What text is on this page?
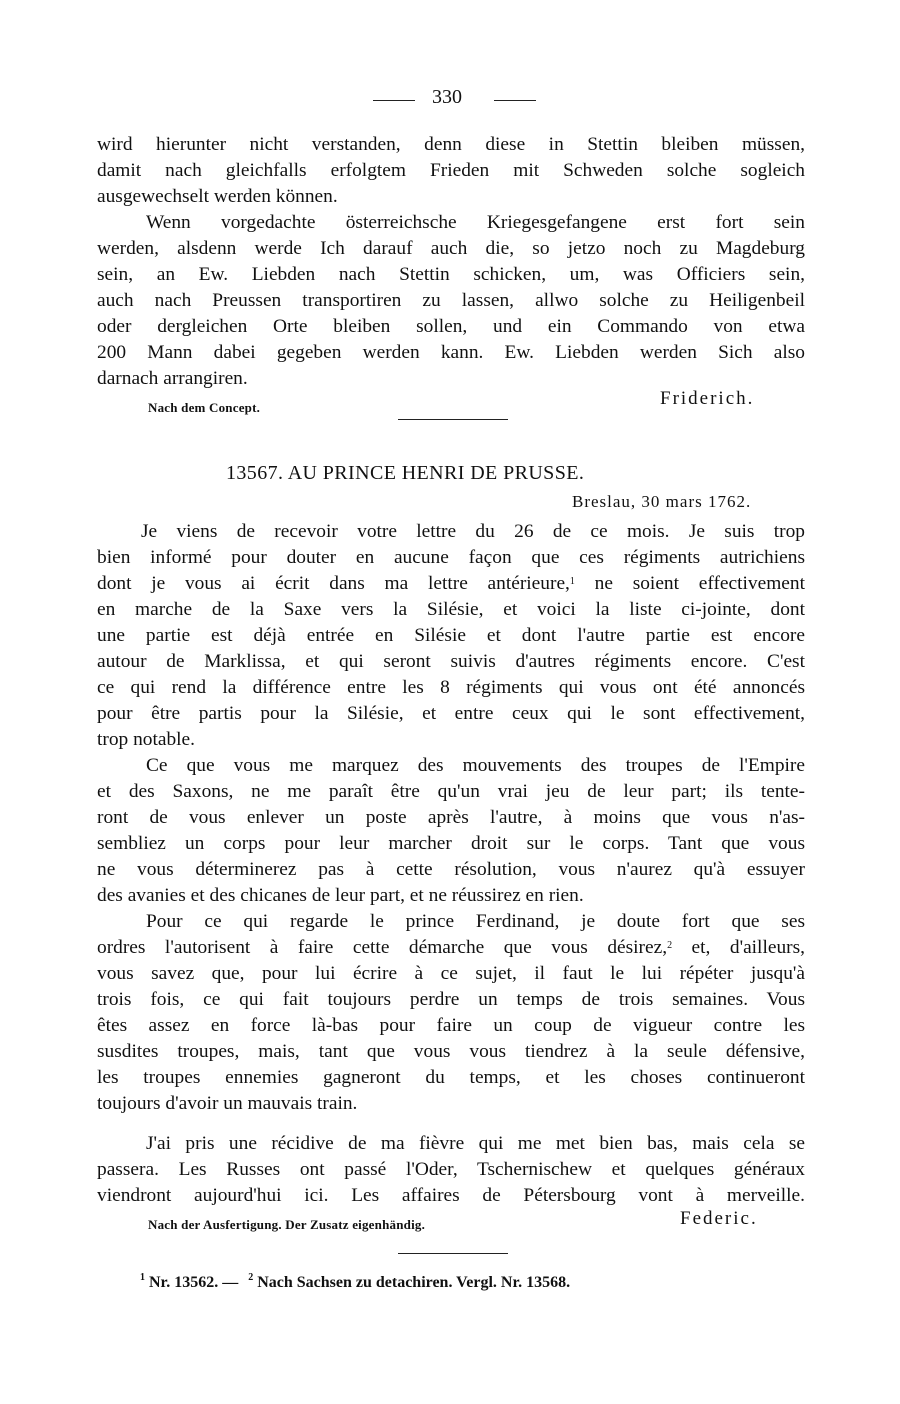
330
wird hierunter nicht verstanden, denn diese in Stettin bleiben müssen,
damit nach gleichfalls erfolgtem Frieden mit Schweden solche sogleich
ausgewechselt werden können.
Wenn vorgedachte österreichsche Kriegesgefangene erst fort sein
werden, alsdenn werde Ich darauf auch die, so jetzo noch zu Magdeburg
sein, an Ew. Liebden nach Stettin schicken, um, was Officiers sein,
auch nach Preussen transportiren zu lassen, allwo solche zu Heiligenbeil
oder dergleichen Orte bleiben sollen, und ein Commando von etwa
200 Mann dabei gegeben werden kann. Ew. Liebden werden Sich also
darnach arrangiren.
Nach dem Concept.	Friderich.
13567. AU PRINCE HENRI DE PRUSSE.
Breslau, 30 mars 1762.
Je viens de recevoir votre lettre du 26 de ce mois. Je suis trop
bien informé pour douter en aucune façon que ces régiments autrichiens
dont je vous ai écrit dans ma lettre antérieure,$^1$ ne soient effectivement
en marche de la Saxe vers la Silésie, et voici la liste ci-jointe, dont
une partie est déjà entrée en Silésie et dont l'autre partie est encore
autour de Marklissa, et qui seront suivis d'autres régiments encore. C'est
ce qui rend la différence entre les 8 régiments qui vous ont été annoncés
pour être partis pour la Silésie, et entre ceux qui le sont effectivement,
trop notable.
Ce que vous me marquez des mouvements des troupes de l'Empire
et des Saxons, ne me paraît être qu'un vrai jeu de leur part; ils tente-
ront de vous enlever un poste après l'autre, à moins que vous n'as-
sembliez un corps pour leur marcher droit sur le corps. Tant que vous
ne vous déterminerez pas à cette résolution, vous n'aurez qu'à essuyer
des avanies et des chicanes de leur part, et ne réussirez en rien.
Pour ce qui regarde le prince Ferdinand, je doute fort que ses
ordres l'autorisent à faire cette démarche que vous désirez,$^2$ et, d'ailleurs,
vous savez que, pour lui écrire à ce sujet, il faut le lui répéter jusqu'à
trois fois, ce qui fait toujours perdre un temps de trois semaines. Vous
êtes assez en force là-bas pour faire un coup de vigueur contre les
susdites troupes, mais, tant que vous vous tiendrez à la seule défensive,
les troupes ennemies gagneront du temps, et les choses continueront
toujours d'avoir un mauvais train.
J'ai pris une récidive de ma fièvre qui me met bien bas, mais cela se
passera. Les Russes ont passé l'Oder, Tschernischew et quelques généraux
viendront aujourd'hui ici. Les affaires de Pétersbourg vont à merveille.
Nach der Ausfertigung. Der Zusatz eigenhändig.	Federic.
$^1$ Nr. 13562. — $^2$ Nach Sachsen zu detachiren. Vergl. Nr. 13568.
